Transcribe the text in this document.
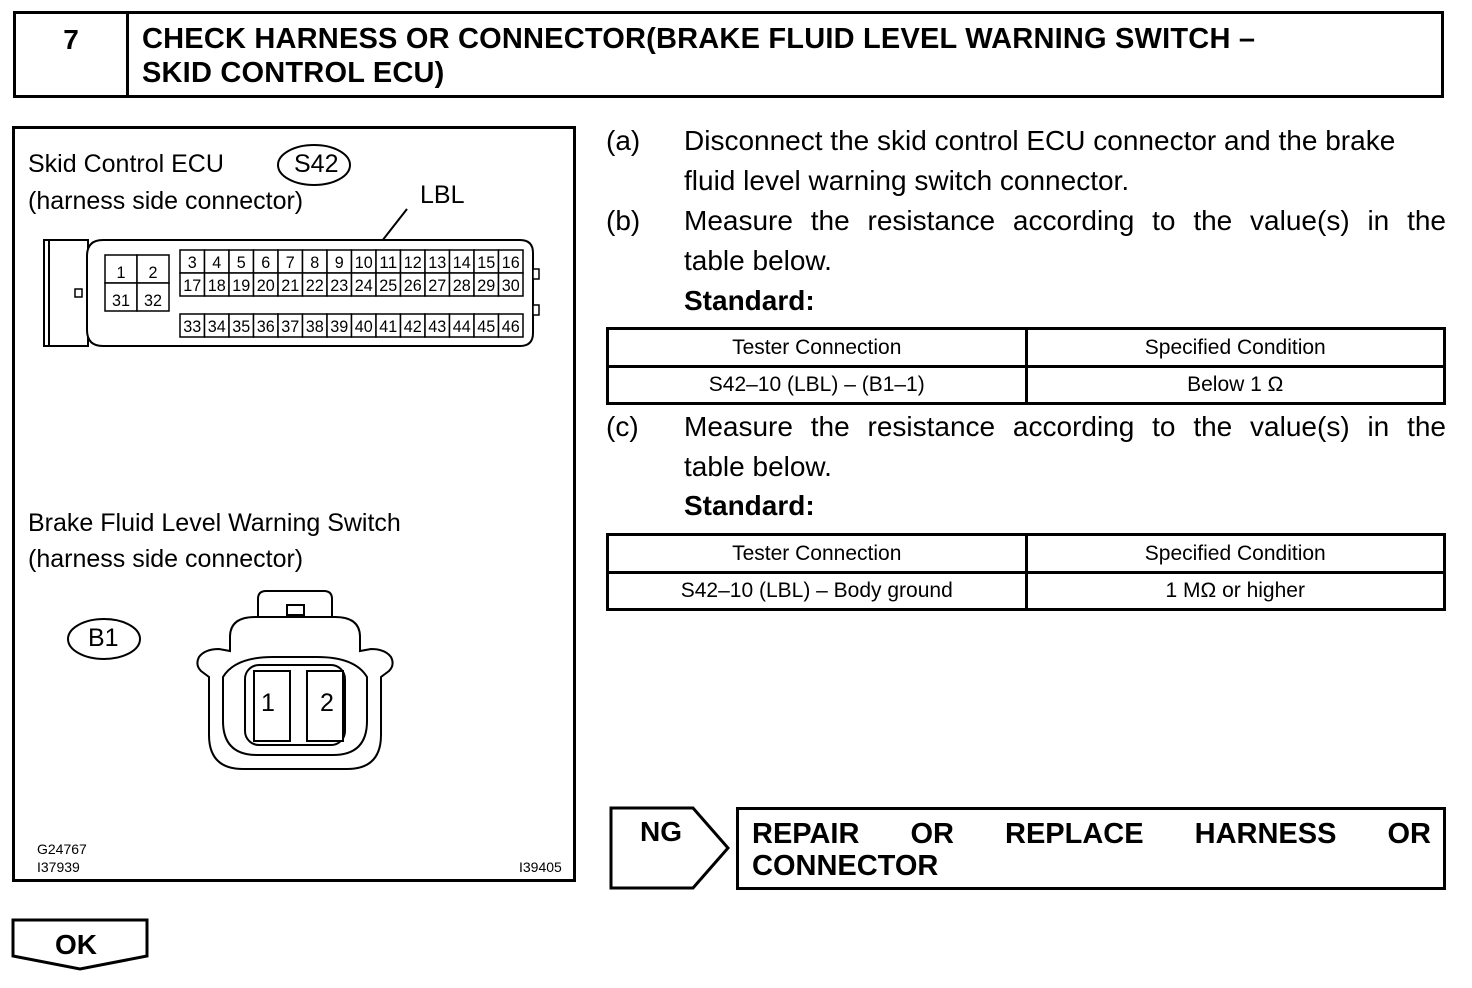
7	CHECK HARNESS OR CONNECTOR(BRAKE FLUID LEVEL WARNING SWITCH –
SKID CONTROL ECU)
1 2
31 32
3 4 5 6 7 8 9 10 11 12 13 14 15 16
17 18 19 20 21 22 23 24 25 26 27 28 29 30
33 34 35 36 37 38 39 40 41 42 43 44 45 46
Skid Control ECU	S42
(harness side connector)	LBL
Brake Fluid Level Warning Switch
(harness side connector)
B1
1 2
G24767
I37939	I39405
(a) Disconnect the skid control ECU connector and the brake
fluid level warning switch connector.
(b) Measure the resistance according to the value(s) in the
table below.
Standard:
Tester Connection	Specified Condition
S42–10 (LBL) – (B1–1)	Below 1 Ω
(c) Measure the resistance according to the value(s) in the
table below.
Standard:
Tester Connection	Specified Condition
S42–10 (LBL) – Body ground	1 MΩ or higher
NG REPAIR OR REPLACE HARNESS OR
CONNECTOR
OK
